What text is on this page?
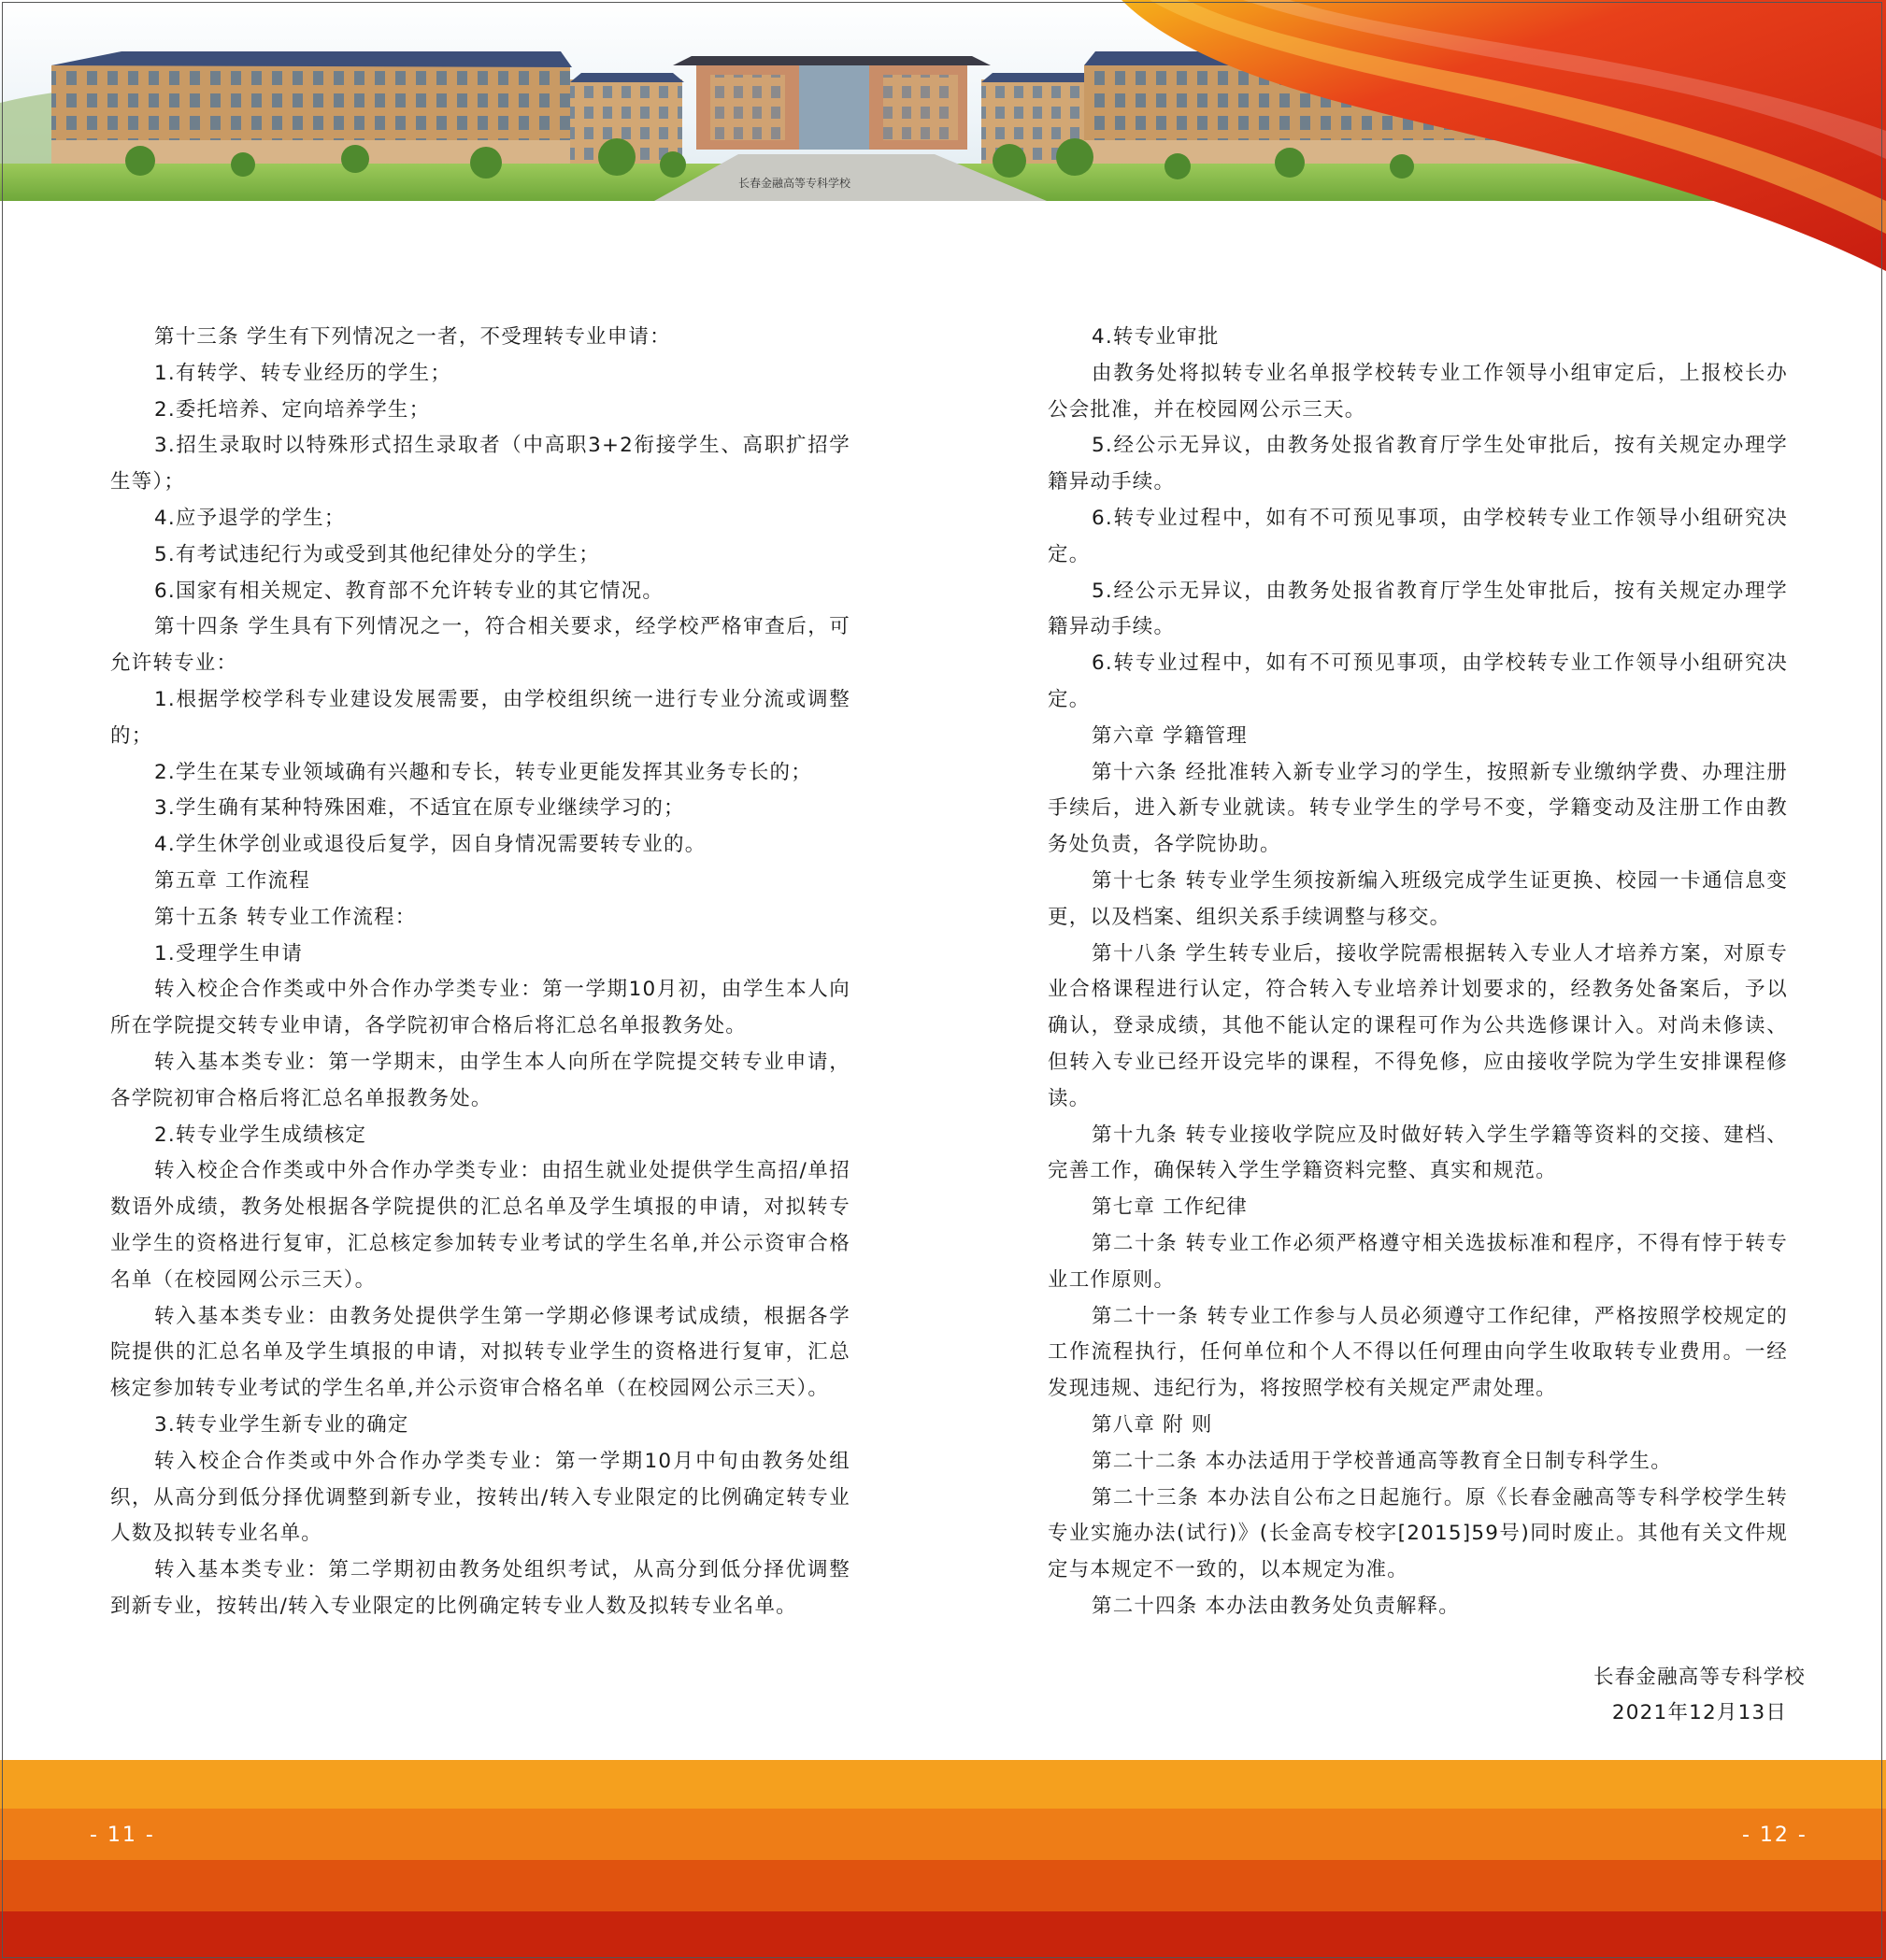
长春金融高等专科学校

第十三条 学生有下列情况之一者，不受理转专业申请：

1.有转学、转专业经历的学生；

2.委托培养、定向培养学生；

3.招生录取时以特殊形式招生录取者（中高职3+2衔接学生、高职扩招学生等）；

4.应予退学的学生；

5.有考试违纪行为或受到其他纪律处分的学生；

6.国家有相关规定、教育部不允许转专业的其它情况。

第十四条 学生具有下列情况之一，符合相关要求，经学校严格审查后，可允许转专业：

1.根据学校学科专业建设发展需要，由学校组织统一进行专业分流或调整的；

2.学生在某专业领域确有兴趣和专长，转专业更能发挥其业务专长的；

3.学生确有某种特殊困难，不适宜在原专业继续学习的；

4.学生休学创业或退役后复学，因自身情况需要转专业的。

第五章 工作流程

第十五条 转专业工作流程：

1.受理学生申请

转入校企合作类或中外合作办学类专业：第一学期10月初，由学生本人向所在学院提交转专业申请，各学院初审合格后将汇总名单报教务处。

转入基本类专业：第一学期末，由学生本人向所在学院提交转专业申请，各学院初审合格后将汇总名单报教务处。

2.转专业学生成绩核定

转入校企合作类或中外合作办学类专业：由招生就业处提供学生高招/单招数语外成绩，教务处根据各学院提供的汇总名单及学生填报的申请，对拟转专业学生的资格进行复审，汇总核定参加转专业考试的学生名单,并公示资审合格名单（在校园网公示三天）。

转入基本类专业：由教务处提供学生第一学期必修课考试成绩，根据各学院提供的汇总名单及学生填报的申请，对拟转专业学生的资格进行复审，汇总核定参加转专业考试的学生名单,并公示资审合格名单（在校园网公示三天）。

3.转专业学生新专业的确定

转入校企合作类或中外合作办学类专业：第一学期10月中旬由教务处组织，从高分到低分择优调整到新专业，按转出/转入专业限定的比例确定转专业人数及拟转专业名单。

转入基本类专业：第二学期初由教务处组织考试，从高分到低分择优调整到新专业，按转出/转入专业限定的比例确定转专业人数及拟转专业名单。

4.转专业审批

由教务处将拟转专业名单报学校转专业工作领导小组审定后，上报校长办公会批准，并在校园网公示三天。

5.经公示无异议，由教务处报省教育厅学生处审批后，按有关规定办理学籍异动手续。

6.转专业过程中，如有不可预见事项，由学校转专业工作领导小组研究决定。

5.经公示无异议，由教务处报省教育厅学生处审批后，按有关规定办理学籍异动手续。

6.转专业过程中，如有不可预见事项，由学校转专业工作领导小组研究决定。

第六章 学籍管理

第十六条 经批准转入新专业学习的学生，按照新专业缴纳学费、办理注册手续后，进入新专业就读。转专业学生的学号不变，学籍变动及注册工作由教务处负责，各学院协助。

第十七条 转专业学生须按新编入班级完成学生证更换、校园一卡通信息变更，以及档案、组织关系手续调整与移交。

第十八条 学生转专业后，接收学院需根据转入专业人才培养方案，对原专业合格课程进行认定，符合转入专业培养计划要求的，经教务处备案后，予以确认，登录成绩，其他不能认定的课程可作为公共选修课计入。对尚未修读、但转入专业已经开设完毕的课程，不得免修，应由接收学院为学生安排课程修读。

第十九条 转专业接收学院应及时做好转入学生学籍等资料的交接、建档、完善工作，确保转入学生学籍资料完整、真实和规范。

第七章 工作纪律

第二十条 转专业工作必须严格遵守相关选拔标准和程序，不得有悖于转专业工作原则。

第二十一条 转专业工作参与人员必须遵守工作纪律，严格按照学校规定的工作流程执行，任何单位和个人不得以任何理由向学生收取转专业费用。一经发现违规、违纪行为，将按照学校有关规定严肃处理。

第八章 附 则

第二十二条 本办法适用于学校普通高等教育全日制专科学生。

第二十三条 本办法自公布之日起施行。原《长春金融高等专科学校学生转专业实施办法(试行)》(长金高专校字[2015]59号)同时废止。其他有关文件规定与本规定不一致的，以本规定为准。

第二十四条 本办法由教务处负责解释。

长春金融高等专科学校
2021年12月13日
- 11 -	- 12 -
